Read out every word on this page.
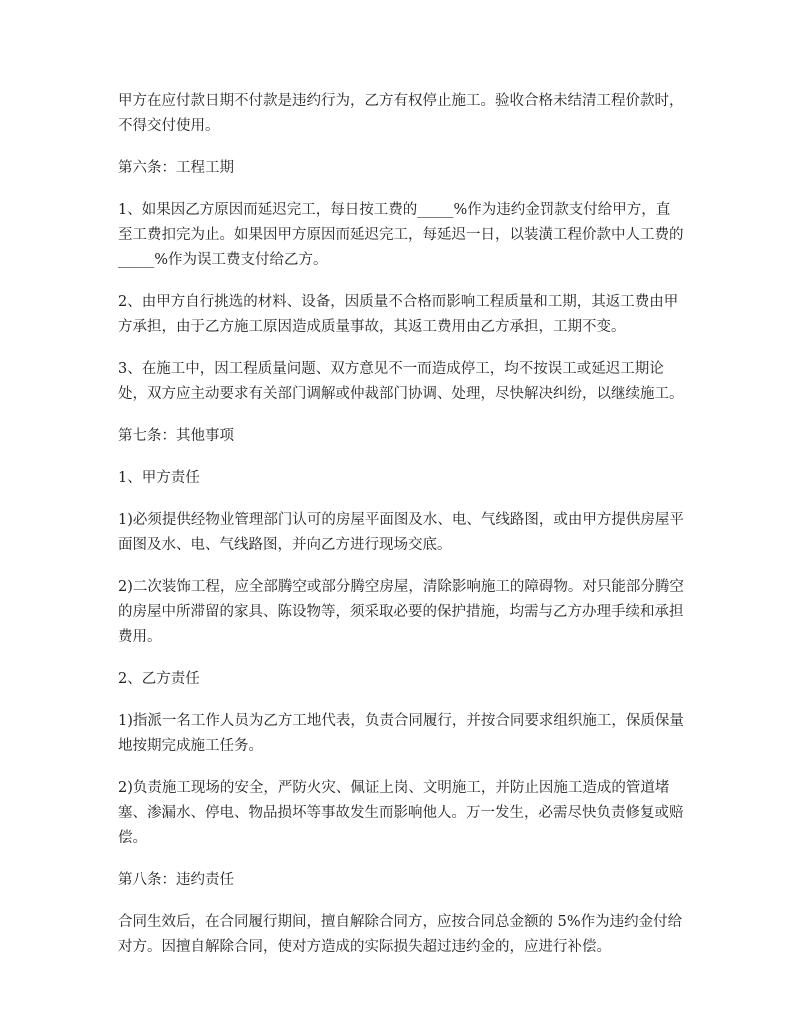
甲方在应付款日期不付款是违约行为，乙方有权停止施工。验收合格未结清工程价款时，不得交付使用。

第六条：工程工期

1、如果因乙方原因而延迟完工，每日按工费的_____%作为违约金罚款支付给甲方，直至工费扣完为止。如果因甲方原因而延迟完工，每延迟一日，以装潢工程价款中人工费的_____%作为误工费支付给乙方。

2、由甲方自行挑选的材料、设备，因质量不合格而影响工程质量和工期，其返工费由甲方承担，由于乙方施工原因造成质量事故，其返工费用由乙方承担，工期不变。

3、在施工中，因工程质量问题、双方意见不一而造成停工，均不按误工或延迟工期论处，双方应主动要求有关部门调解或仲裁部门协调、处理，尽快解决纠纷，以继续施工。

第七条：其他事项

1、甲方责任

1)必须提供经物业管理部门认可的房屋平面图及水、电、气线路图，或由甲方提供房屋平面图及水、电、气线路图，并向乙方进行现场交底。

2)二次装饰工程，应全部腾空或部分腾空房屋，清除影响施工的障碍物。对只能部分腾空的房屋中所滞留的家具、陈设物等，须采取必要的保护措施，均需与乙方办理手续和承担费用。

2、乙方责任

1)指派一名工作人员为乙方工地代表，负责合同履行，并按合同要求组织施工，保质保量地按期完成施工任务。

2)负责施工现场的安全，严防火灾、佩证上岗、文明施工，并防止因施工造成的管道堵塞、渗漏水、停电、物品损坏等事故发生而影响他人。万一发生，必需尽快负责修复或赔偿。

第八条：违约责任

合同生效后，在合同履行期间，擅自解除合同方，应按合同总金额的 5%作为违约金付给对方。因擅自解除合同，使对方造成的实际损失超过违约金的，应进行补偿。
